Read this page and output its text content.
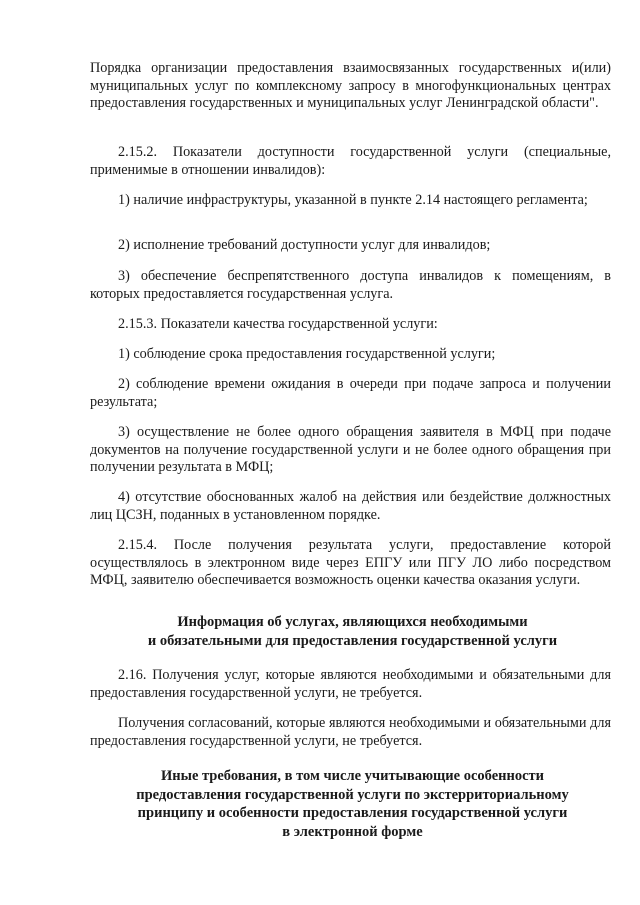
Порядка организации предоставления взаимосвязанных государственных и(или) муниципальных услуг по комплексному запросу в многофункциональных центрах предоставления государственных и муниципальных услуг Ленинградской области".
2.15.2. Показатели доступности государственной услуги (специальные, применимые в отношении инвалидов):
1) наличие инфраструктуры, указанной в пункте 2.14 настоящего регламента;
2) исполнение требований доступности услуг для инвалидов;
3) обеспечение беспрепятственного доступа инвалидов к помещениям, в которых предоставляется государственная услуга.
2.15.3. Показатели качества государственной услуги:
1) соблюдение срока предоставления государственной услуги;
2) соблюдение времени ожидания в очереди при подаче запроса и получении результата;
3) осуществление не более одного обращения заявителя в МФЦ при подаче документов на получение государственной услуги и не более одного обращения при получении результата в МФЦ;
4) отсутствие обоснованных жалоб на действия или бездействие должностных лиц ЦСЗН, поданных в установленном порядке.
2.15.4. После получения результата услуги, предоставление которой осуществлялось в электронном виде через ЕПГУ или ПГУ ЛО либо посредством МФЦ, заявителю обеспечивается возможность оценки качества оказания услуги.
Информация об услугах, являющихся необходимыми
и обязательными для предоставления государственной услуги
2.16. Получения услуг, которые являются необходимыми и обязательными для предоставления государственной услуги, не требуется.
Получения согласований, которые являются необходимыми и обязательными для предоставления государственной услуги, не требуется.
Иные требования, в том числе учитывающие особенности
предоставления государственной услуги по экстерриториальному
принципу и особенности предоставления государственной услуги
в электронной форме
